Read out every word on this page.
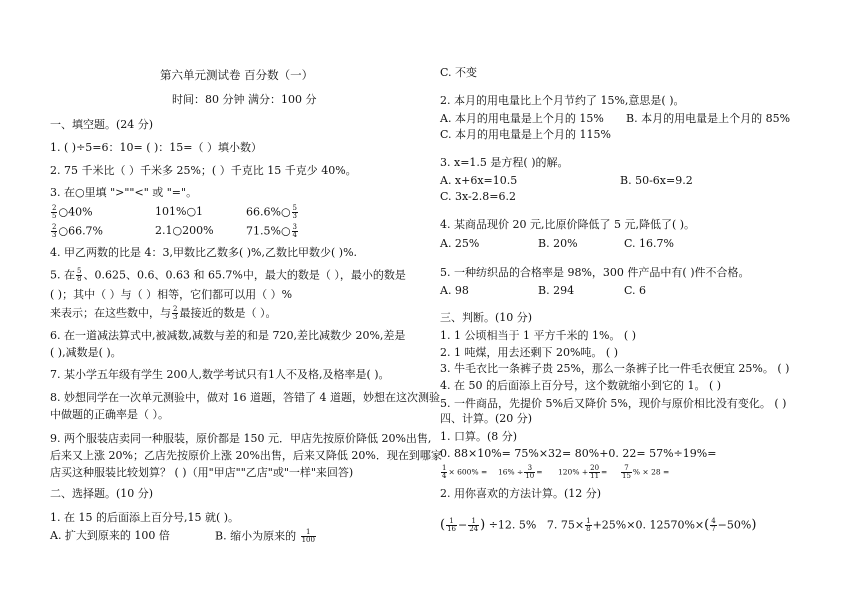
第六单元测试卷 百分数（一）
时间：80 分钟 满分：100 分
一、填空题。(24 分)
1. ( )÷5=6：10= ( )：15=（ ）填小数）
2. 75 千米比（ ）千米多 25%；( ）千克比 15 千克少 40%。
3. 在○里填 ">""<" 或 "="。
$\frac{2}{5}$ ○40%	101%○1	66.6%○ $\frac{5}{3}$
$\frac{2}{3}$ ○66.7%	2.1○200%	71.5%○ $\frac{3}{4}$
4. 甲乙两数的比是 4：3,甲数比乙数多( )%,乙数比甲数少( )%.
5. 在 $\frac{5}{8}$ 、0.625、0.6、0.63 和 65.7%中，最大的数是（ ），最小的数是
( )；其中（ ）与（ ）相等，它们都可以用（ ）%
来表示；在这些数中，与 $\frac{2}{3}$ 最接近的数是（ ）。
6. 在一道减法算式中,被减数,减数与差的和是 720,差比减数少 20%,差是
( ),减数是( )。
7. 某小学五年级有学生 200人,数学考试只有1人不及格,及格率是( )。
8. 妙想同学在一次单元测验中，做对 16 道题，答错了 4 道题，妙想在这次测验
中做题的正确率是（ ）。
9. 两个服装店卖同一种服装，原价都是 150 元．甲店先按原价降低 20%出售,
后来又上涨 20%；乙店先按原价上涨 20%出售，后来又降低 20%．现在到哪家
店买这种服装比较划算？ ( )（用"甲店""乙店"或"一样"来回答)
二、选择题。(10 分)
1. 在 15 的后面添上百分号,15 就( )。
A. 扩大到原来的 100 倍	B. 缩小为原来的 $\frac{1}{100}$
C. 不变
2. 本月的用电量比上个月节约了 15%,意思是( )。
A. 本月的用电量是上个月的 15% B. 本月的用电量是上个月的 85%
C. 本月的用电量是上个月的 115%
3. x=1.5 是方程( )的解。
A. x+6x=10.5	B. 50-6x=9.2
C. 3x-2.8=6.2
4. 某商品现价 20 元,比原价降低了 5 元,降低了( )。
A. 25%	B. 20%	C. 16.7%
5. 一种纺织品的合格率是 98%，300 件产品中有( )件不合格。
A. 98	B. 294	C. 6
三、判断。(10 分)
1. 1 公顷相当于 1 平方千米的 1%。 ( )
2. 1 吨煤，用去还剩下 20%吨。 ( )
3. 牛毛衣比一条裤子贵 25%，那么一条裤子比一件毛衣便宜 25%。 ( )
4. 在 50 的后面添上百分号，这个数就缩小到它的 1。 ( )
5. 一件商品，先提价 5%后又降价 5%，现价与原价相比没有变化。 ( )
四、计算。(20 分)
1. 口算。(8 分)
0. 88×10%= 75%×32= 80%+0. 22= 57%÷19%=
$\frac{1}{4} \times 600\% = 16\% \div \frac{3}{10} = 120\% + \frac{20}{11} = \frac{7}{15}$ % × 28 =
2. 用你喜欢的方法计算。(12 分)
( $\frac{1}{16} - \frac{1}{24}$ ) ÷12. 5% 7. $75\times \frac{1}{8} +25\%\times 0$. $12570\%\times( \frac{4}{7} -50\%)$
